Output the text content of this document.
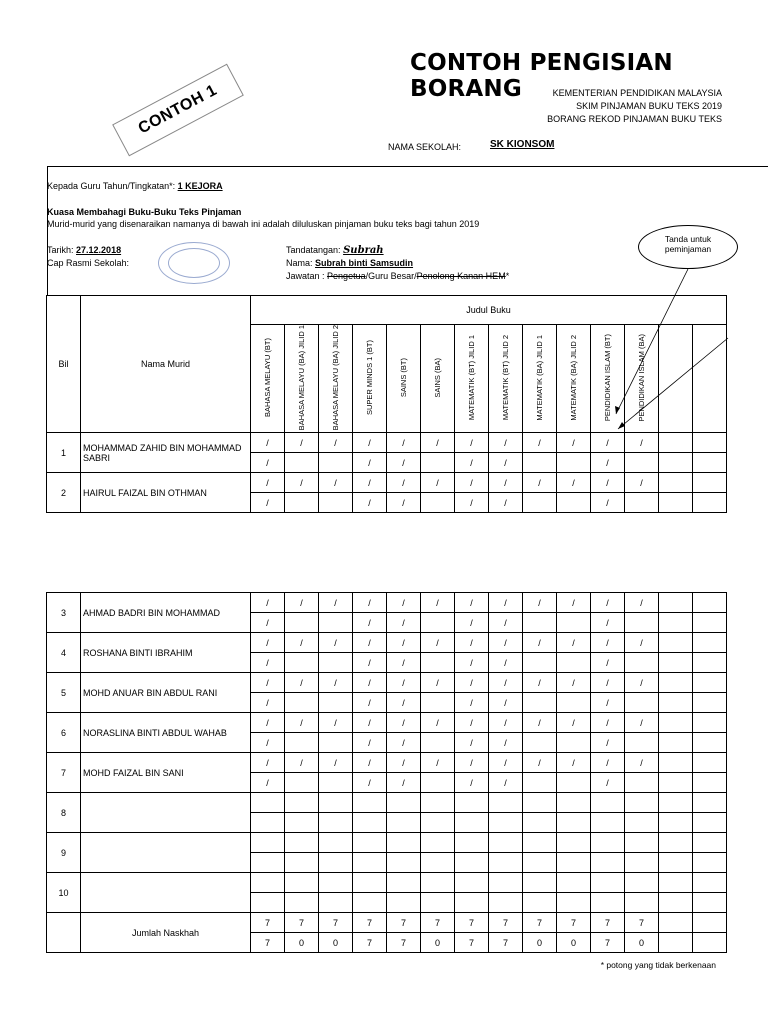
CONTOH PENGISIAN BORANG
CONTOH 1	KEMENTERIAN PENDIDIKAN MALAYSIA
SKIM PINJAMAN BUKU TEKS 2019
BORANG REKOD PINJAMAN BUKU TEKS
NAMA SEKOLAH:	SK KIONSOM
Kepada Guru Tahun/Tingkatan*: 1 KEJORA
Kuasa Membahagi Buku-Buku Teks Pinjaman
Murid-murid yang disenaraikan namanya di bawah ini adalah diluluskan pinjaman buku teks bagi tahun 2019
Tarikh: 27.12.2018
Cap Rasmi Sekolah:
Tandatangan: Subrah
Nama: Subrah binti Samsudin
Jawatan : Pengetua/Guru Besar/Penolong Kanan HEM*
Tanda untuk
peminjaman
Bil	Nama Murid	Judul Buku													
		BAHASA MELAYU (BT)	BAHASA MELAYU (BA) JILID 1	BAHASA MELAYU (BA) JILID 2	SUPER MINDS 1 (BT)	SAINS (BT)	SAINS (BA)	MATEMATIK (BT) JILID 1	MATEMATIK (BT) JILID 2	MATEMATIK (BA) JILID 1	MATEMATIK (BA) JILID 2	PENDIDIKAN ISLAM (BT)	PENDIDIKAN ISLAM (BA)		
1	MOHAMMAD ZAHID BIN MOHAMMAD SABRI	/	/	/	/	/	/	/	/	/	/	/	/		
		/			/	/		/	/			/			
2	HAIRUL FAIZAL BIN OTHMAN	/	/	/	/	/	/	/	/	/	/	/	/		
		/			/	/		/	/			/			
3	AHMAD BADRI BIN MOHAMMAD	/	/	/	/	/	/	/	/	/	/	/	/		
		/			/	/		/	/			/			
4	ROSHANA BINTI IBRAHIM	/	/	/	/	/	/	/	/	/	/	/	/		
		/			/	/		/	/			/			
5	MOHD ANUAR BIN ABDUL RANI	/	/	/	/	/	/	/	/	/	/	/	/		
		/			/	/		/	/			/			
6	NORASLINA BINTI ABDUL WAHAB	/	/	/	/	/	/	/	/	/	/	/	/		
		/			/	/		/	/			/			
7	MOHD FAIZAL BIN SANI	/	/	/	/	/	/	/	/	/	/	/	/		
		/			/	/		/	/			/			
8															

9															

10															

	Jumlah Naskhah	7	7	7	7	7	7	7	7	7	7	7	7		
		7	0	0	7	7	0	7	7	0	0	7	0		
* potong yang tidak berkenaan
